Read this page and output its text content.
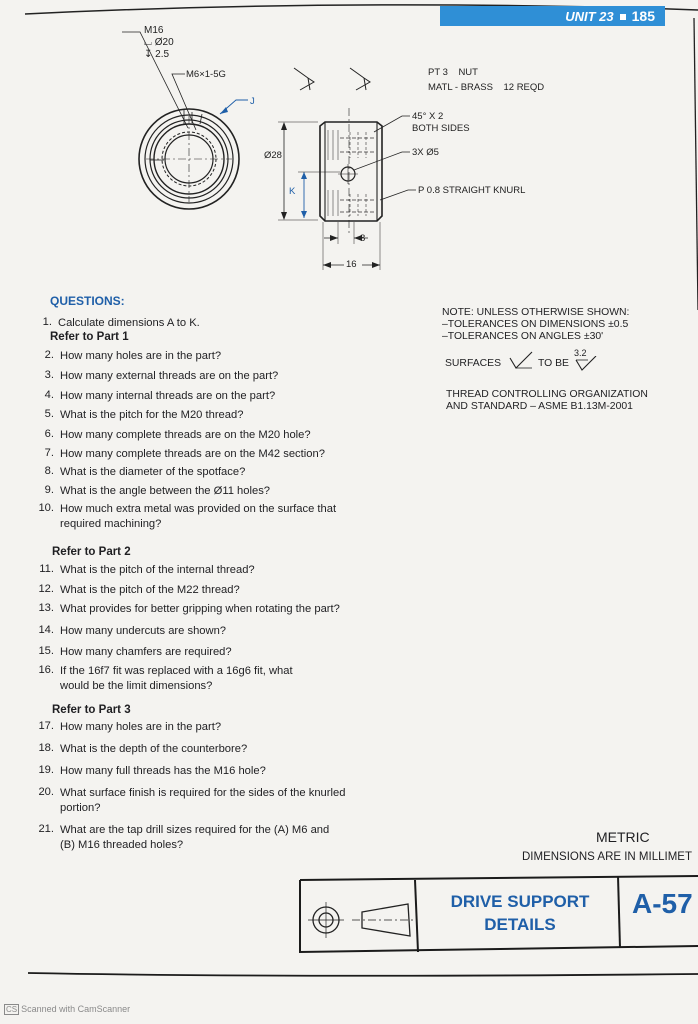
UNIT 23 185
M16
⌴ Ø20
↧ 2.5
M6×1-5G
J
PT 3    NUT
MATL - BRASS    12 REQD
45° X 2
BOTH SIDES
3X Ø5
P 0.8 STRAIGHT KNURL
Ø28
K
8
16
QUESTIONS:
1. Calculate dimensions A to K.
Refer to Part 1
2. How many holes are in the part?
3. How many external threads are on the part?
4. How many internal threads are on the part?
5. What is the pitch for the M20 thread?
6. How many complete threads are on the M20 hole?
7. How many complete threads are on the M42 section?
8. What is the diameter of the spotface?
9. What is the angle between the Ø11 holes?
10. How much extra metal was provided on the surface that
required machining?
Refer to Part 2
11. What is the pitch of the internal thread?
12. What is the pitch of the M22 thread?
13. What provides for better gripping when rotating the part?
14. How many undercuts are shown?
15. How many chamfers are required?
16. If the 16f7 fit was replaced with a 16g6 fit, what
would be the limit dimensions?
Refer to Part 3
17. How many holes are in the part?
18. What is the depth of the counterbore?
19. How many full threads has the M16 hole?
20. What surface finish is required for the sides of the knurled
portion?
21. What are the tap drill sizes required for the (A) M6 and
(B) M16 threaded holes?
NOTE: UNLESS OTHERWISE SHOWN:
–TOLERANCES ON DIMENSIONS ±0.5
–TOLERANCES ON ANGLES ±30'
SURFACES	TO BE
3.2
THREAD CONTROLLING ORGANIZATION
AND STANDARD – ASME B1.13M-2001
METRIC
DIMENSIONS ARE IN MILLIMET
DRIVE SUPPORT
DETAILS
A-57
CS Scanned with CamScanner
